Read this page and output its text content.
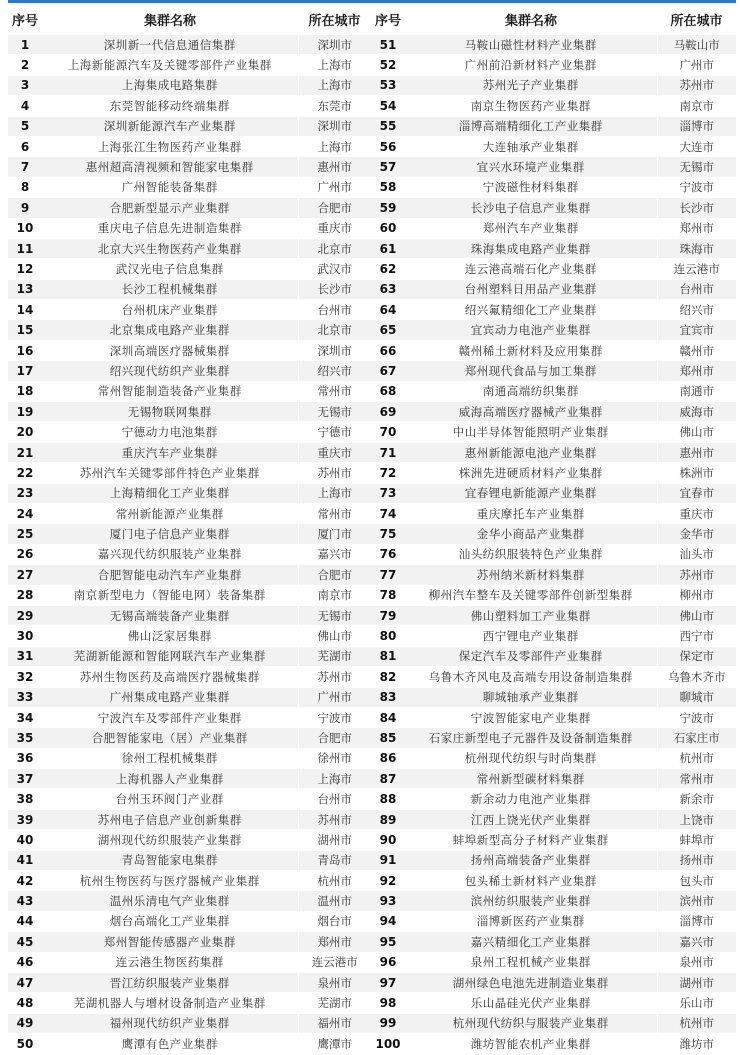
序号	集群名称	所在城市
1	深圳新一代信息通信集群	深圳市
2	上海新能源汽车及关键零部件产业集群	上海市
3	上海集成电路集群	上海市
4	东莞智能移动终端集群	东莞市
5	深圳新能源汽车产业集群	深圳市
6	上海张江生物医药产业集群	上海市
7	惠州超高清视频和智能家电集群	惠州市
8	广州智能装备集群	广州市
9	合肥新型显示产业集群	合肥市
10	重庆电子信息先进制造集群	重庆市
11	北京大兴生物医药产业集群	北京市
12	武汉光电子信息集群	武汉市
13	长沙工程机械集群	长沙市
14	台州机床产业集群	台州市
15	北京集成电路产业集群	北京市
16	深圳高端医疗器械集群	深圳市
17	绍兴现代纺织产业集群	绍兴市
18	常州智能制造装备产业集群	常州市
19	无锡物联网集群	无锡市
20	宁德动力电池集群	宁德市
21	重庆汽车产业集群	重庆市
22	苏州汽车关键零部件特色产业集群	苏州市
23	上海精细化工产业集群	上海市
24	常州新能源产业集群	常州市
25	厦门电子信息产业集群	厦门市
26	嘉兴现代纺织服装产业集群	嘉兴市
27	合肥智能电动汽车产业集群	合肥市
28	南京新型电力（智能电网）装备集群	南京市
29	无锡高端装备产业集群	无锡市
30	佛山泛家居集群	佛山市
31	芜湖新能源和智能网联汽车产业集群	芜湖市
32	苏州生物医药及高端医疗器械集群	苏州市
33	广州集成电路产业集群	广州市
34	宁波汽车及零部件产业集群	宁波市
35	合肥智能家电（居）产业集群	合肥市
36	徐州工程机械集群	徐州市
37	上海机器人产业集群	上海市
38	台州玉环阀门产业群	台州市
39	苏州电子信息产业创新集群	苏州市
40	湖州现代纺织服装产业集群	湖州市
41	青岛智能家电集群	青岛市
42	杭州生物医药与医疗器械产业集群	杭州市
43	温州乐清电气产业集群	温州市
44	烟台高端化工产业集群	烟台市
45	郑州智能传感器产业集群	郑州市
46	连云港生物医药集群	连云港市
47	晋江纺织服装产业集群	泉州市
48	芜湖机器人与增材设备制造产业集群	芜湖市
49	福州现代纺织产业集群	福州市
50	鹰潭有色产业集群	鹰潭市
序号	集群名称	所在城市
51	马鞍山磁性材料产业集群	马鞍山市
52	广州前沿新材料产业集群	广州市
53	苏州光子产业集群	苏州市
54	南京生物医药产业集群	南京市
55	淄博高端精细化工产业集群	淄博市
56	大连轴承产业集群	大连市
57	宜兴水环境产业集群	无锡市
58	宁波磁性材料集群	宁波市
59	长沙电子信息产业集群	长沙市
60	郑州汽车产业集群	郑州市
61	珠海集成电路产业集群	珠海市
62	连云港高端石化产业集群	连云港市
63	台州塑料日用品产业集群	台州市
64	绍兴氟精细化工产业集群	绍兴市
65	宜宾动力电池产业集群	宜宾市
66	赣州稀土新材料及应用集群	赣州市
67	郑州现代食品与加工集群	郑州市
68	南通高端纺织集群	南通市
69	威海高端医疗器械产业集群	威海市
70	中山半导体智能照明产业集群	佛山市
71	惠州新能源电池产业集群	惠州市
72	株洲先进硬质材料产业集群	株洲市
73	宜春锂电新能源产业集群	宜春市
74	重庆摩托车产业集群	重庆市
75	金华小商品产业集群	金华市
76	汕头纺织服装特色产业集群	汕头市
77	苏州纳米新材料集群	苏州市
78	柳州汽车整车及关键零部件创新型集群	柳州市
79	佛山塑料加工产业集群	佛山市
80	西宁锂电产业集群	西宁市
81	保定汽车及零部件产业集群	保定市
82	乌鲁木齐风电及高端专用设备制造集群	乌鲁木齐市
83	聊城轴承产业集群	聊城市
84	宁波智能家电产业集群	宁波市
85	石家庄新型电子元器件及设备制造集群	石家庄市
86	杭州现代纺织与时尚集群	杭州市
87	常州新型碳材料集群	常州市
88	新余动力电池产业集群	新余市
89	江西上饶光伏产业集群	上饶市
90	蚌埠新型高分子材料产业集群	蚌埠市
91	扬州高端装备产业集群	扬州市
92	包头稀土新材料产业集群	包头市
93	滨州纺织服装产业集群	滨州市
94	淄博新医药产业集群	淄博市
95	嘉兴精细化工产业集群	嘉兴市
96	泉州工程机械产业集群	泉州市
97	湖州绿色电池先进制造业集群	湖州市
98	乐山晶硅光伏产业集群	乐山市
99	杭州现代纺织与服装产业集群	杭州市
100	潍坊智能农机产业集群	潍坊市
